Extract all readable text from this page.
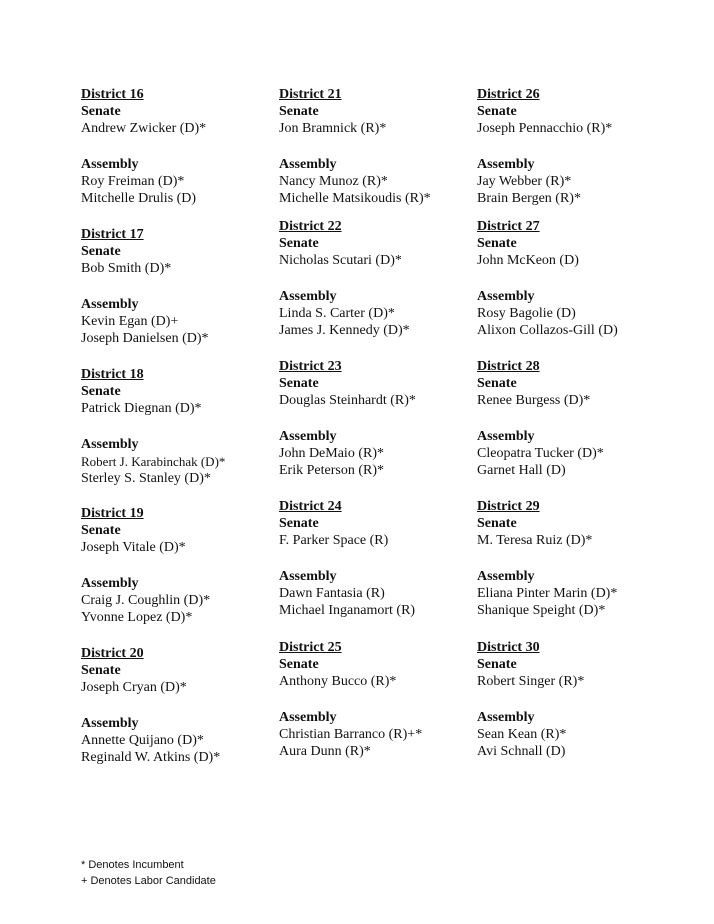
District 16
Senate
Andrew Zwicker (D)*
Assembly
Roy Freiman (D)*
Mitchelle Drulis (D)
District 17
Senate
Bob Smith (D)*
Assembly
Kevin Egan (D)+
Joseph Danielsen (D)*
District 18
Senate
Patrick Diegnan (D)*
Assembly
Robert J. Karabinchak (D)*
Sterley S. Stanley (D)*
District 19
Senate
Joseph Vitale (D)*
Assembly
Craig J. Coughlin (D)*
Yvonne Lopez (D)*
District 20
Senate
Joseph Cryan (D)*
Assembly
Annette Quijano (D)*
Reginald W. Atkins (D)*
District 21
Senate
Jon Bramnick (R)*
Assembly
Nancy Munoz (R)*
Michelle Matsikoudis (R)*
District 22
Senate
Nicholas Scutari (D)*
Assembly
Linda S. Carter (D)*
James J. Kennedy (D)*
District 23
Senate
Douglas Steinhardt (R)*
Assembly
John DeMaio (R)*
Erik Peterson (R)*
District 24
Senate
F. Parker Space (R)
Assembly
Dawn Fantasia (R)
Michael Inganamort (R)
District 25
Senate
Anthony Bucco (R)*
Assembly
Christian Barranco (R)+*
Aura Dunn (R)*
District 26
Senate
Joseph Pennacchio (R)*
Assembly
Jay Webber (R)*
Brain Bergen (R)*
District 27
Senate
John McKeon (D)
Assembly
Rosy Bagolie (D)
Alixon Collazos-Gill (D)
District 28
Senate
Renee Burgess (D)*
Assembly
Cleopatra Tucker (D)*
Garnet Hall (D)
District 29
Senate
M. Teresa Ruiz (D)*
Assembly
Eliana Pinter Marin (D)*
Shanique Speight (D)*
District 30
Senate
Robert Singer (R)*
Assembly
Sean Kean (R)*
Avi Schnall (D)
* Denotes Incumbent
+ Denotes Labor Candidate
